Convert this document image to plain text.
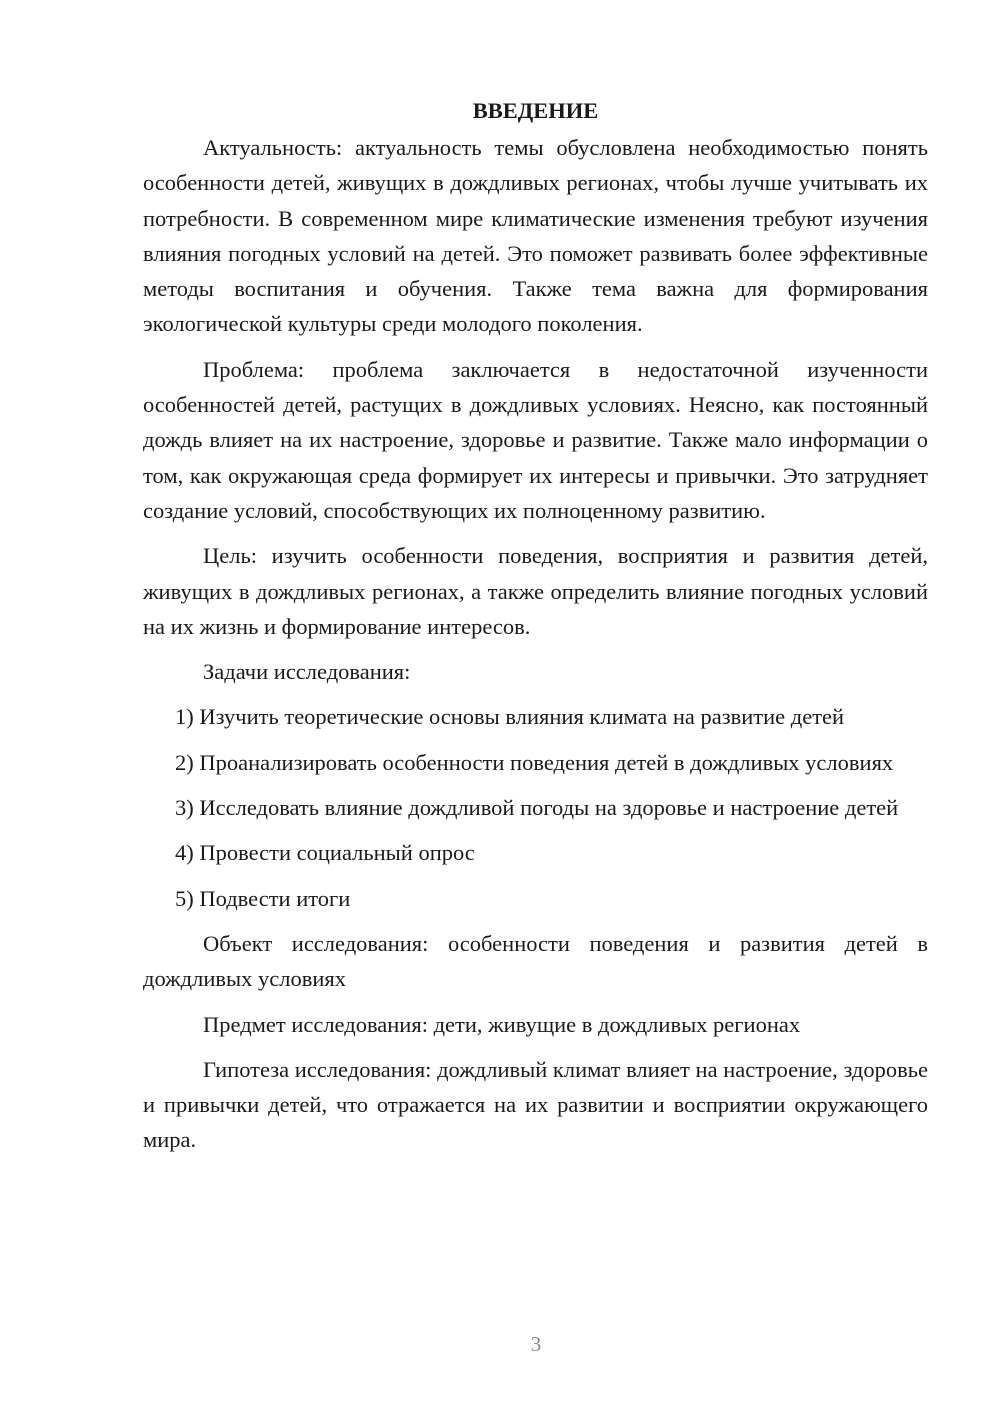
ВВЕДЕНИЕ

Актуальность: актуальность темы обусловлена необходимостью понять особенности детей, живущих в дождливых регионах, чтобы лучше учитывать их потребности. В современном мире климатические изменения требуют изучения влияния погодных условий на детей. Это поможет развивать более эффективные методы воспитания и обучения. Также тема важна для формирования экологической культуры среди молодого поколения.

Проблема: проблема заключается в недостаточной изученности особенностей детей, растущих в дождливых условиях. Неясно, как постоянный дождь влияет на их настроение, здоровье и развитие. Также мало информации о том, как окружающая среда формирует их интересы и привычки. Это затрудняет создание условий, способствующих их полноценному развитию.

Цель: изучить особенности поведения, восприятия и развития детей, живущих в дождливых регионах, а также определить влияние погодных условий на их жизнь и формирование интересов.

Задачи исследования:

1) Изучить теоретические основы влияния климата на развитие детей

2) Проанализировать особенности поведения детей в дождливых условиях

3) Исследовать влияние дождливой погоды на здоровье и настроение детей

4) Провести социальный опрос

5) Подвести итоги

Объект исследования: особенности поведения и развития детей в дождливых условиях

Предмет исследования: дети, живущие в дождливых регионах

Гипотеза исследования: дождливый климат влияет на настроение, здоровье и привычки детей, что отражается на их развитии и восприятии окружающего мира.

3
